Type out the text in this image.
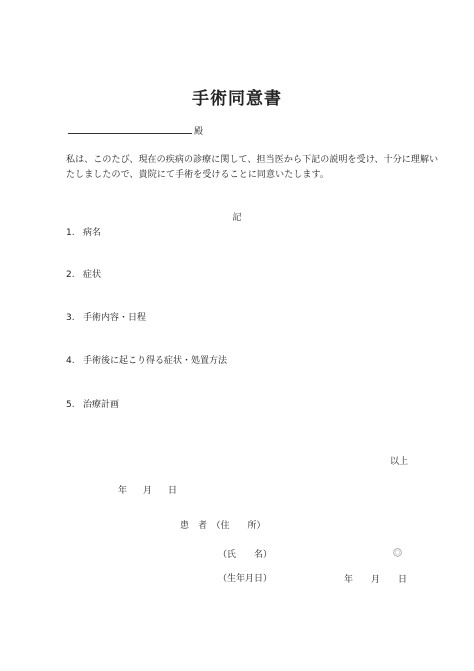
手術同意書
殿
私は、このたび、現在の疾病の診療に関して、担当医から下記の説明を受け、十分に理解い
たしましたので、貴院にて手術を受けることに同意いたします。
記
1. 病名
2. 症状
3. 手術内容・日程
4. 手術後に起こり得る症状・処置方法
5. 治療計画
以上
年 月 日
患　者　（住　　所）
（氏　　名）
（生年月日）	年 月 日
